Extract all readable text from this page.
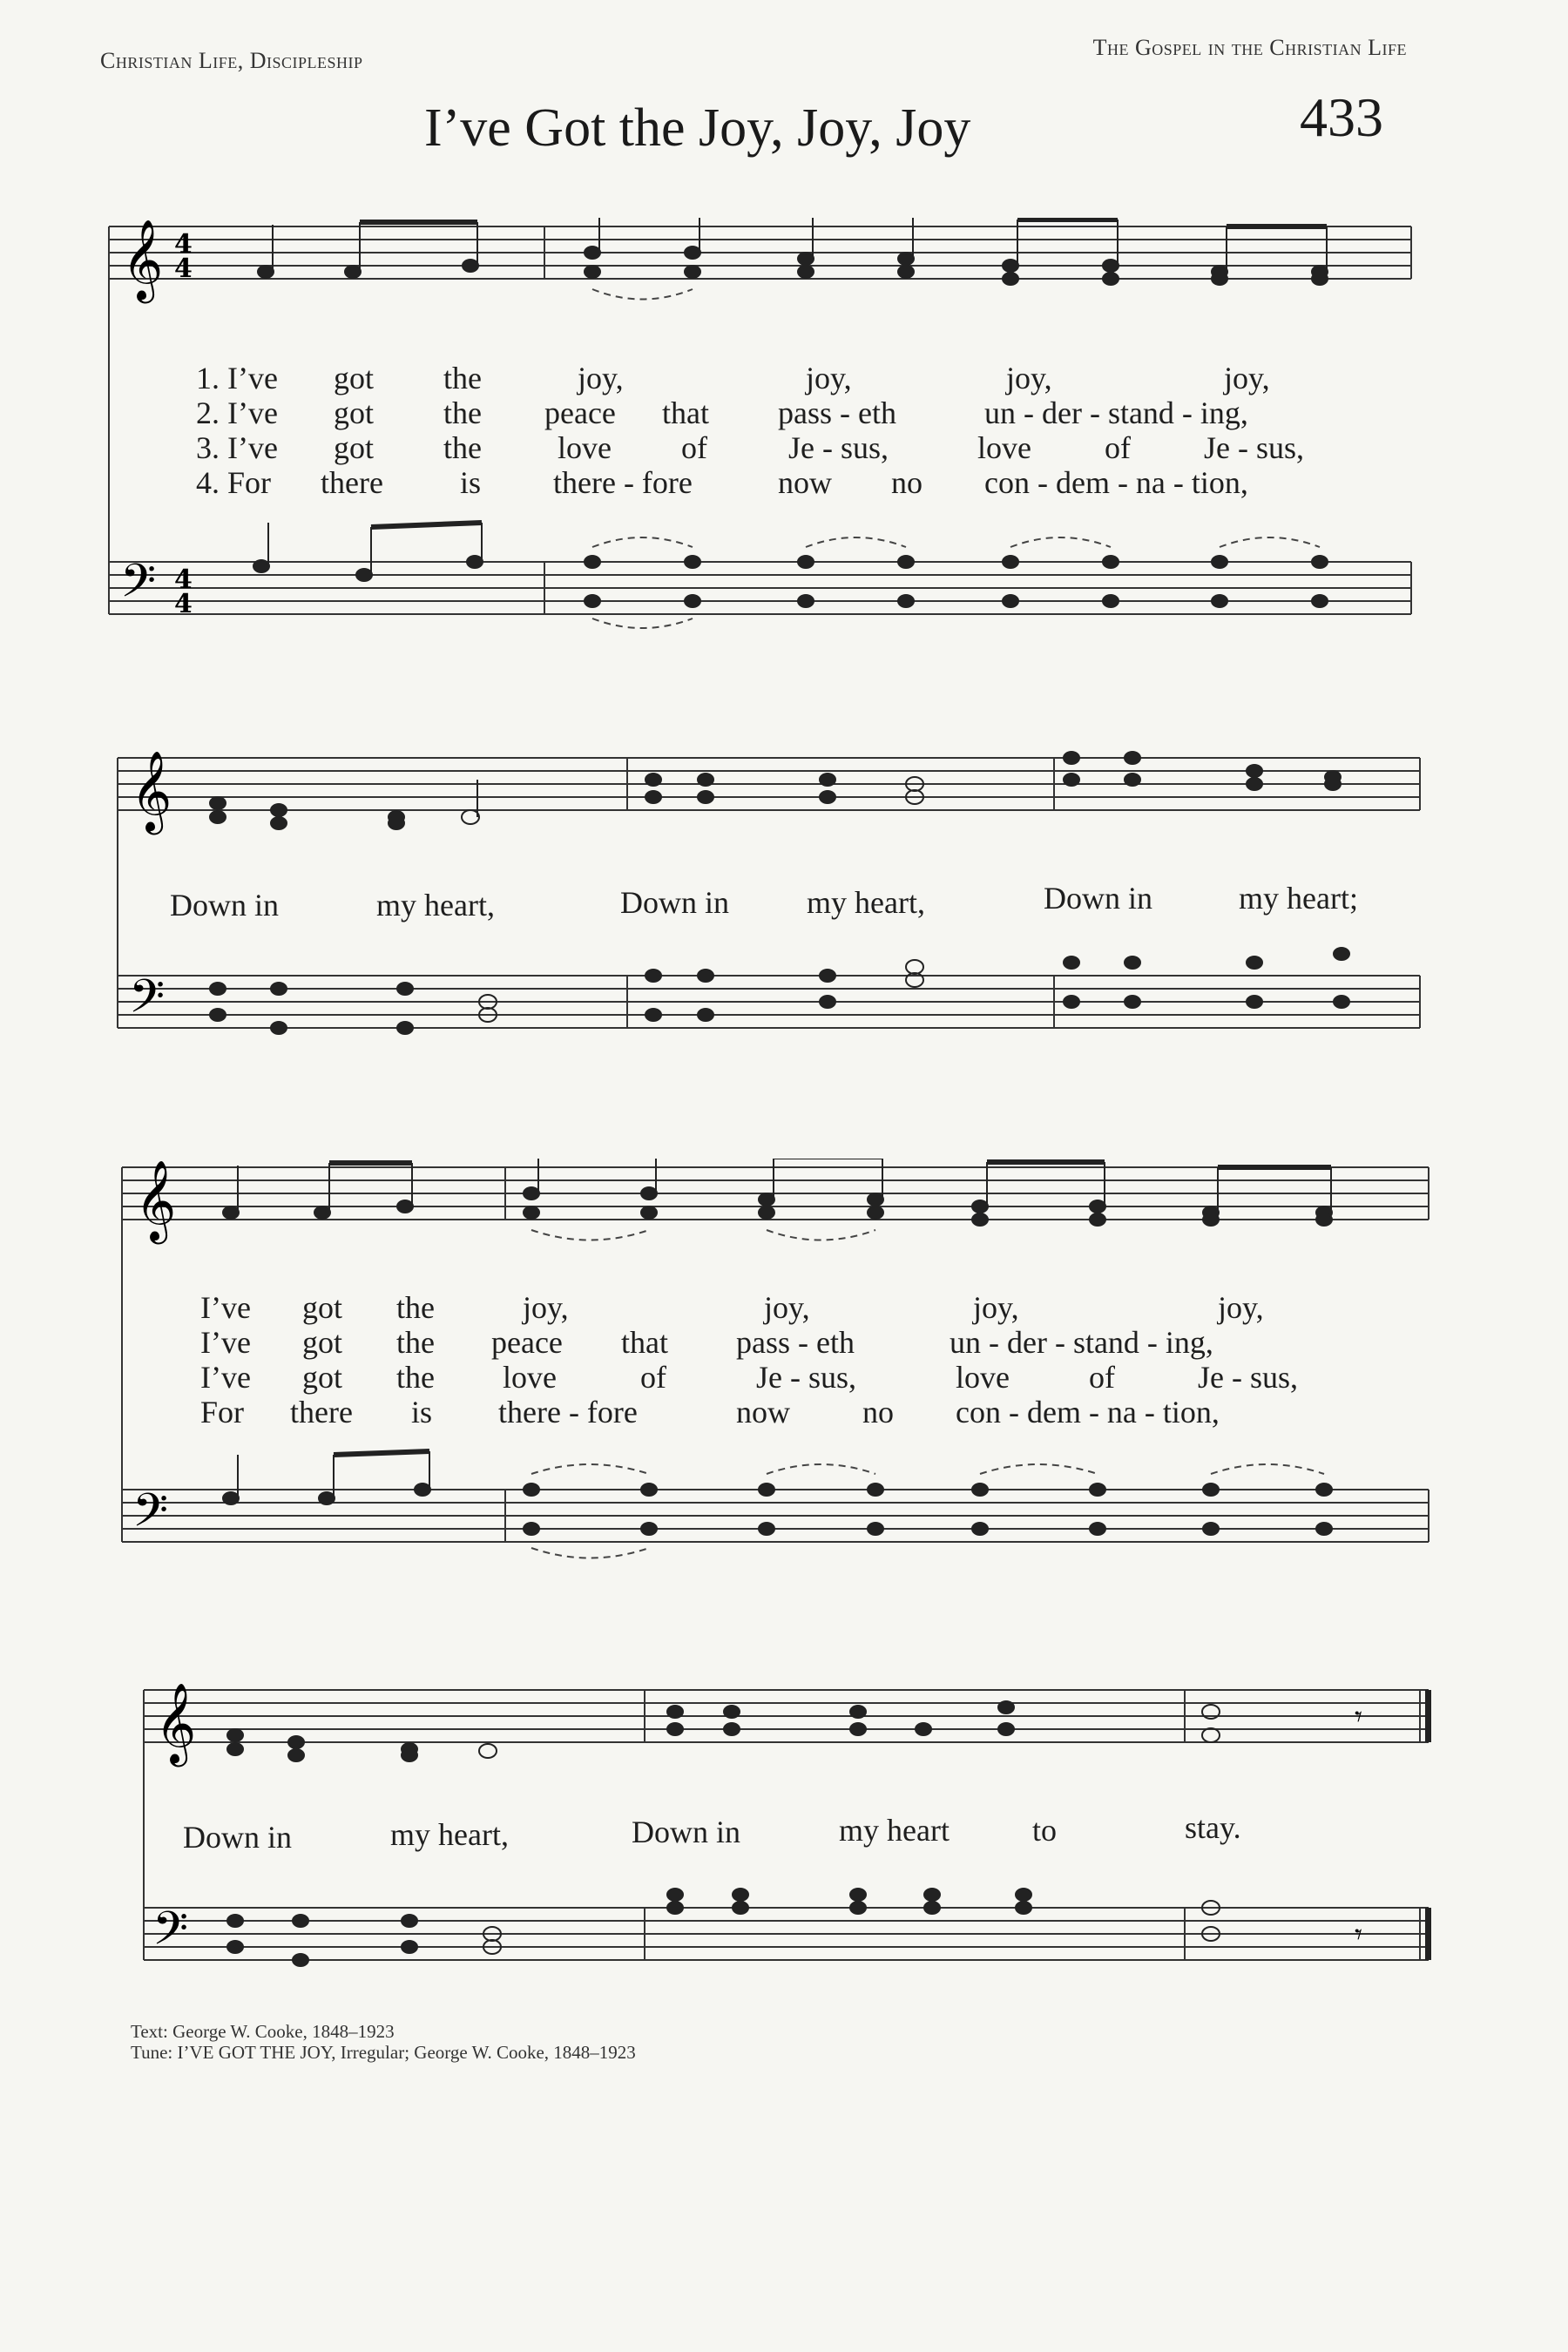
Christian Life, Discipleship
The Gospel in the Christian Life
I’ve Got the Joy, Joy, Joy	433
𝄞 4
4
𝄢 4
4
1. I’ve got the	joy,	joy,	joy,	joy,
2. I’ve got the peace that pass - eth	un - der - stand - ing,
3. I’ve got the love of	Je - sus,	love of Je - sus,
4. For there is there - fore	now no con - dem - na - tion,
𝄞
𝄢
Down in	my heart,	Down in my heart,	Down in	my heart;
𝄞
𝄢
I’ve got the	joy,	joy,	joy,	joy,
I’ve got the peace that pass - eth	un - der - stand - ing,
I’ve got the love	of	Je - sus,	love	of	Je - sus,
For there is there - fore	now no con - dem - na - tion,
𝄞
𝄢
𝄾
𝄾
Down in	my heart,	Down in	my heart	to	stay.
Text: George W. Cooke, 1848–1923
Tune: I’VE GOT THE JOY, Irregular; George W. Cooke, 1848–1923
